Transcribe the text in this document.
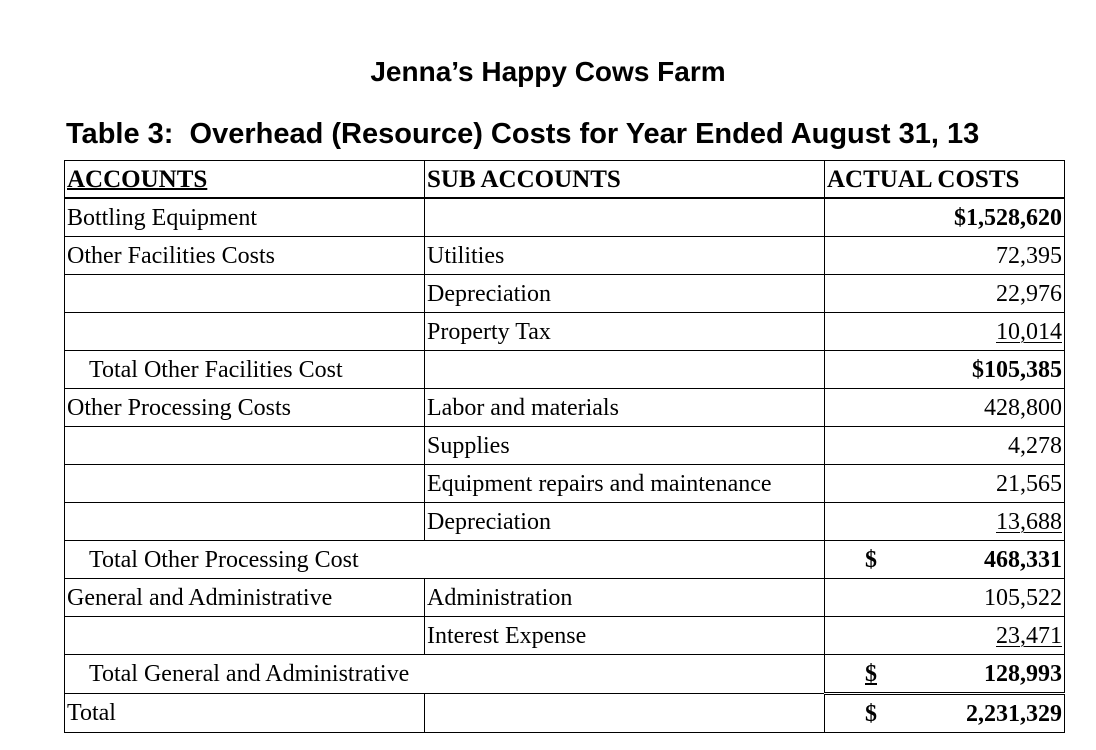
Jenna’s Happy Cows Farm
Table 3:  Overhead (Resource) Costs for Year Ended August 31, 13
ACCOUNTS	SUB ACCOUNTS	ACTUAL COSTS
Bottling Equipment		$1,528,620
Other Facilities Costs	Utilities	72,395
	Depreciation	22,976
	Property Tax	10,014
Total Other Facilities Cost		$105,385
Other Processing Costs	Labor and materials	428,800
	Supplies	4,278
	Equipment repairs and maintenance	21,565
	Depreciation	13,688
Total Other Processing Cost		$ 468,331

General and Administrative	Administration	105,522
	Interest Expense	23,471
Total General and Administrative		$ 128,993

Total		$ 2,231,329
